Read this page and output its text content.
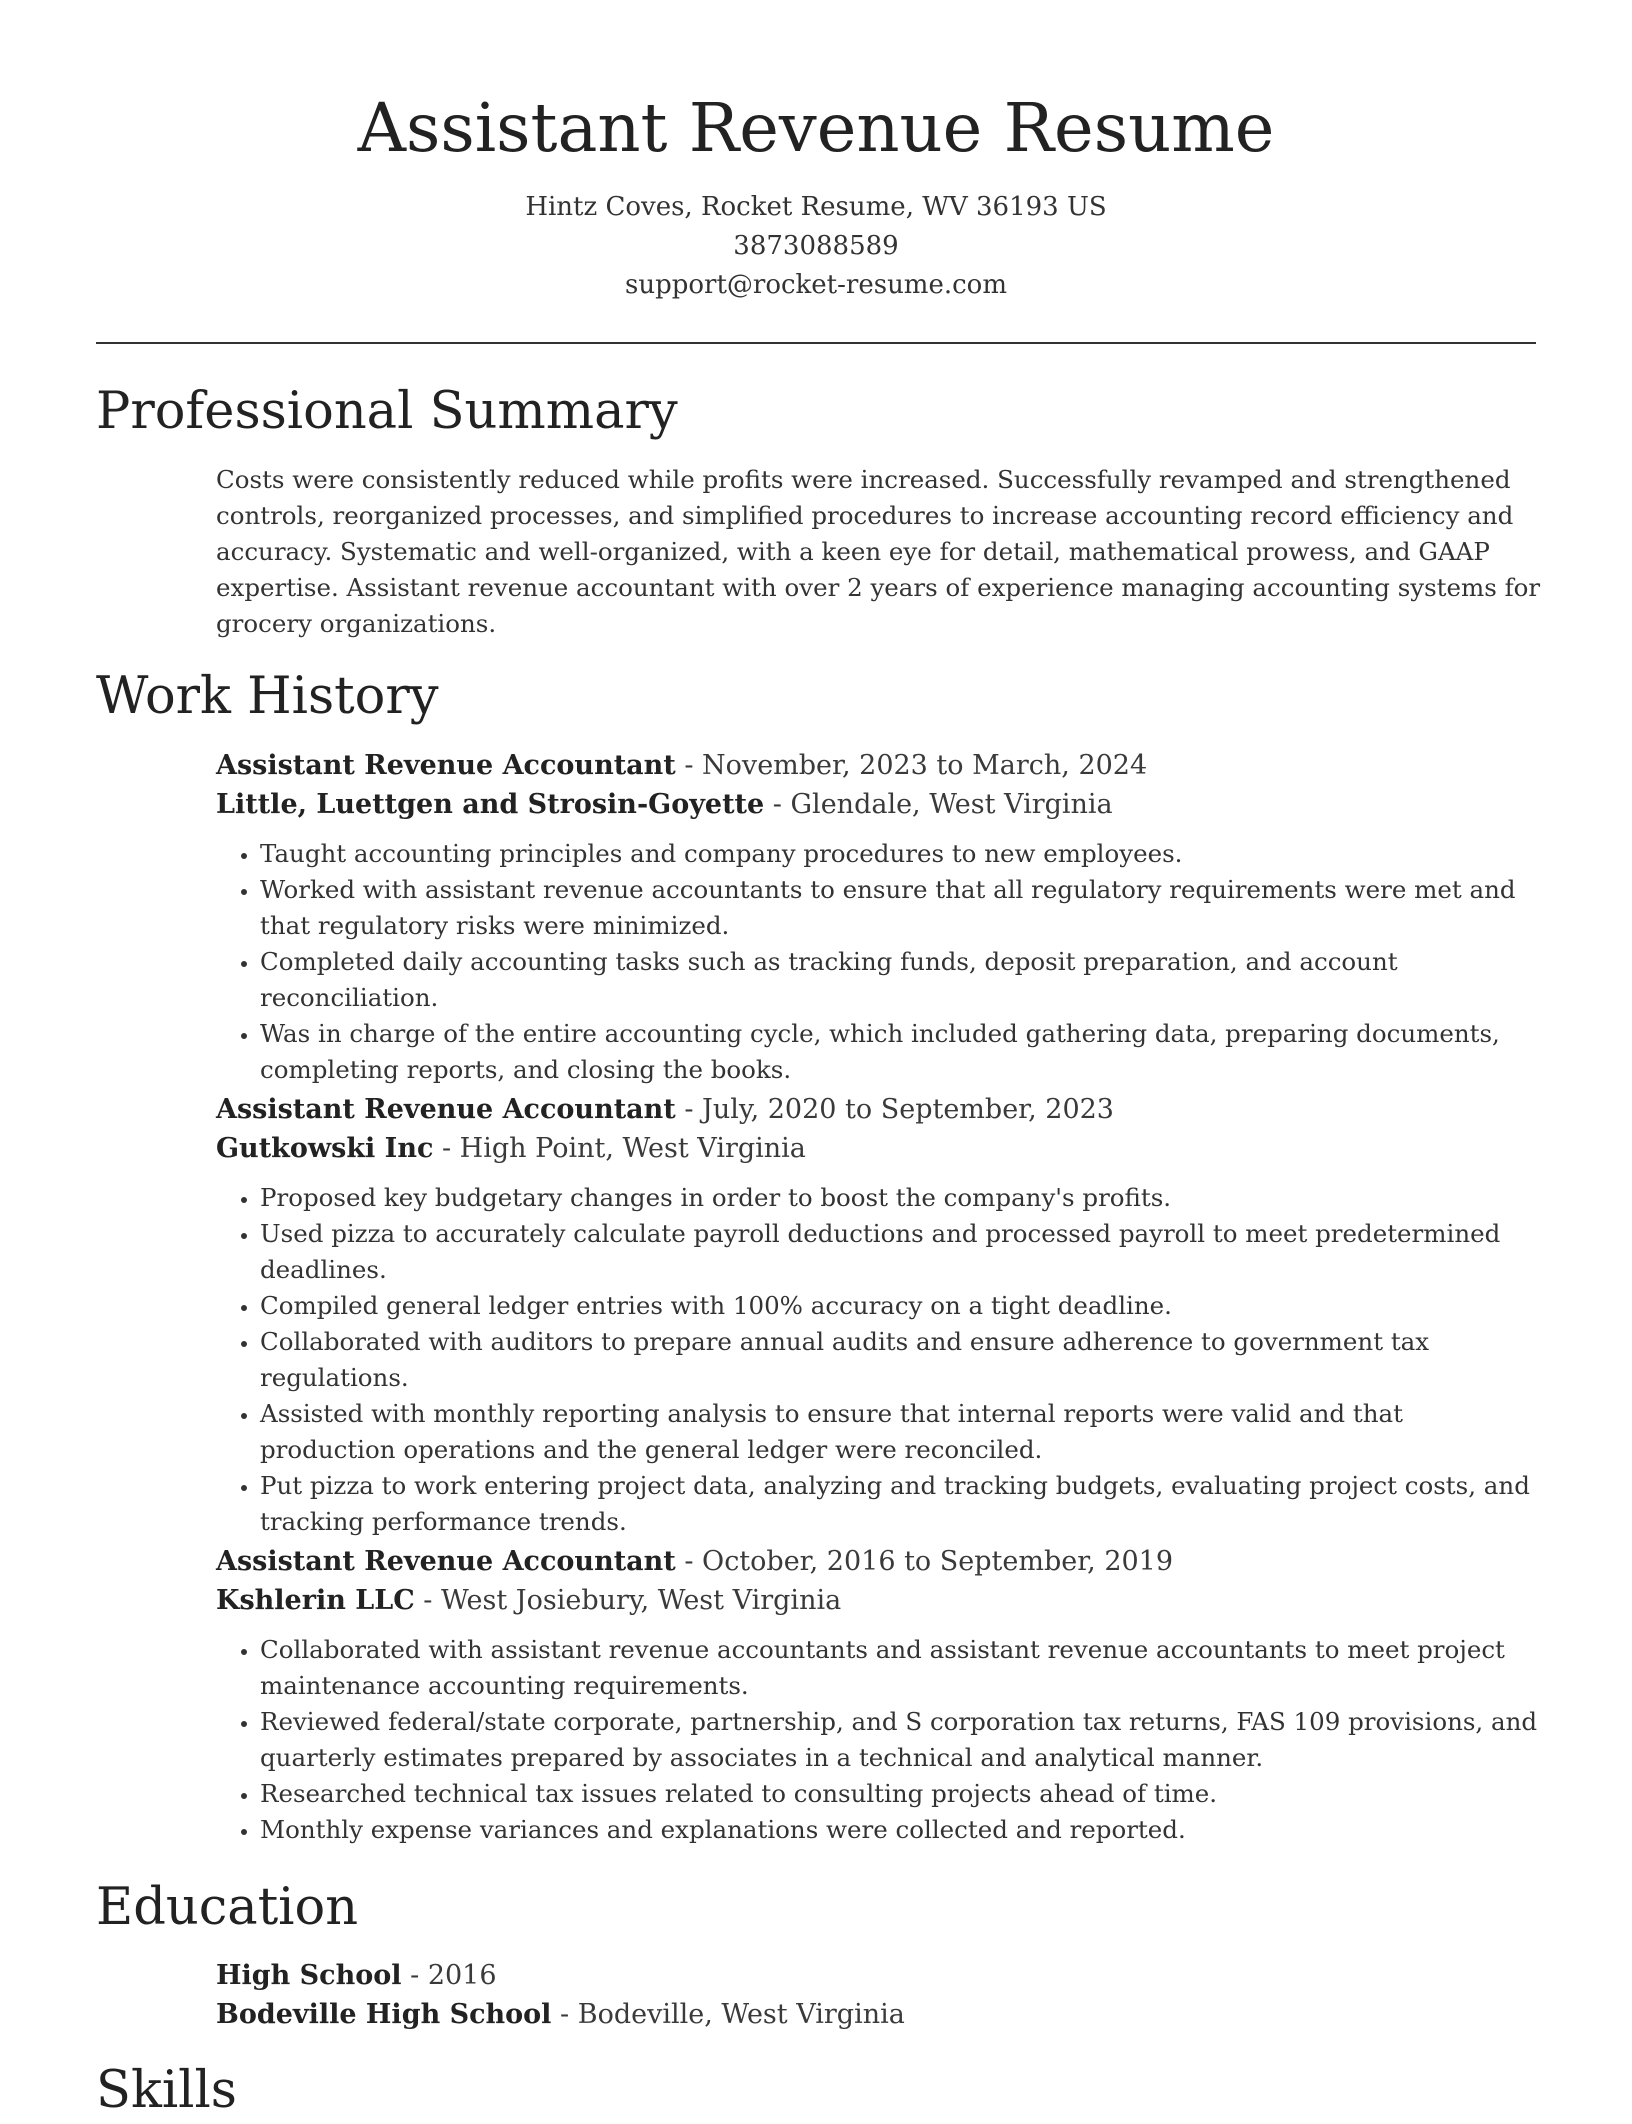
Assistant Revenue Resume

Hintz Coves, Rocket Resume, WV 36193 US

3873088589

support@rocket-resume.com

Professional Summary

Costs were consistently reduced while profits were increased. Successfully revamped and strengthened controls, reorganized processes, and simplified procedures to increase accounting record efficiency and accuracy. Systematic and well-organized, with a keen eye for detail, mathematical prowess, and GAAP expertise. Assistant revenue accountant with over 2 years of experience managing accounting systems for grocery organizations.

Work History

Assistant Revenue Accountant - November, 2023 to March, 2024

Little, Luettgen and Strosin-Goyette - Glendale, West Virginia

• Taught accounting principles and company procedures to new employees.
• Worked with assistant revenue accountants to ensure that all regulatory requirements were met and that regulatory risks were minimized.
• Completed daily accounting tasks such as tracking funds, deposit preparation, and account reconciliation.
• Was in charge of the entire accounting cycle, which included gathering data, preparing documents, completing reports, and closing the books.

Assistant Revenue Accountant - July, 2020 to September, 2023

Gutkowski Inc - High Point, West Virginia

• Proposed key budgetary changes in order to boost the company's profits.
• Used pizza to accurately calculate payroll deductions and processed payroll to meet predetermined deadlines.
• Compiled general ledger entries with 100% accuracy on a tight deadline.
• Collaborated with auditors to prepare annual audits and ensure adherence to government tax regulations.
• Assisted with monthly reporting analysis to ensure that internal reports were valid and that production operations and the general ledger were reconciled.
• Put pizza to work entering project data, analyzing and tracking budgets, evaluating project costs, and tracking performance trends.

Assistant Revenue Accountant - October, 2016 to September, 2019

Kshlerin LLC - West Josiebury, West Virginia

• Collaborated with assistant revenue accountants and assistant revenue accountants to meet project maintenance accounting requirements.
• Reviewed federal/state corporate, partnership, and S corporation tax returns, FAS 109 provisions, and quarterly estimates prepared by associates in a technical and analytical manner.
• Researched technical tax issues related to consulting projects ahead of time.
• Monthly expense variances and explanations were collected and reported.
Education

High School - 2016

Bodeville High School - Bodeville, West Virginia

Skills
